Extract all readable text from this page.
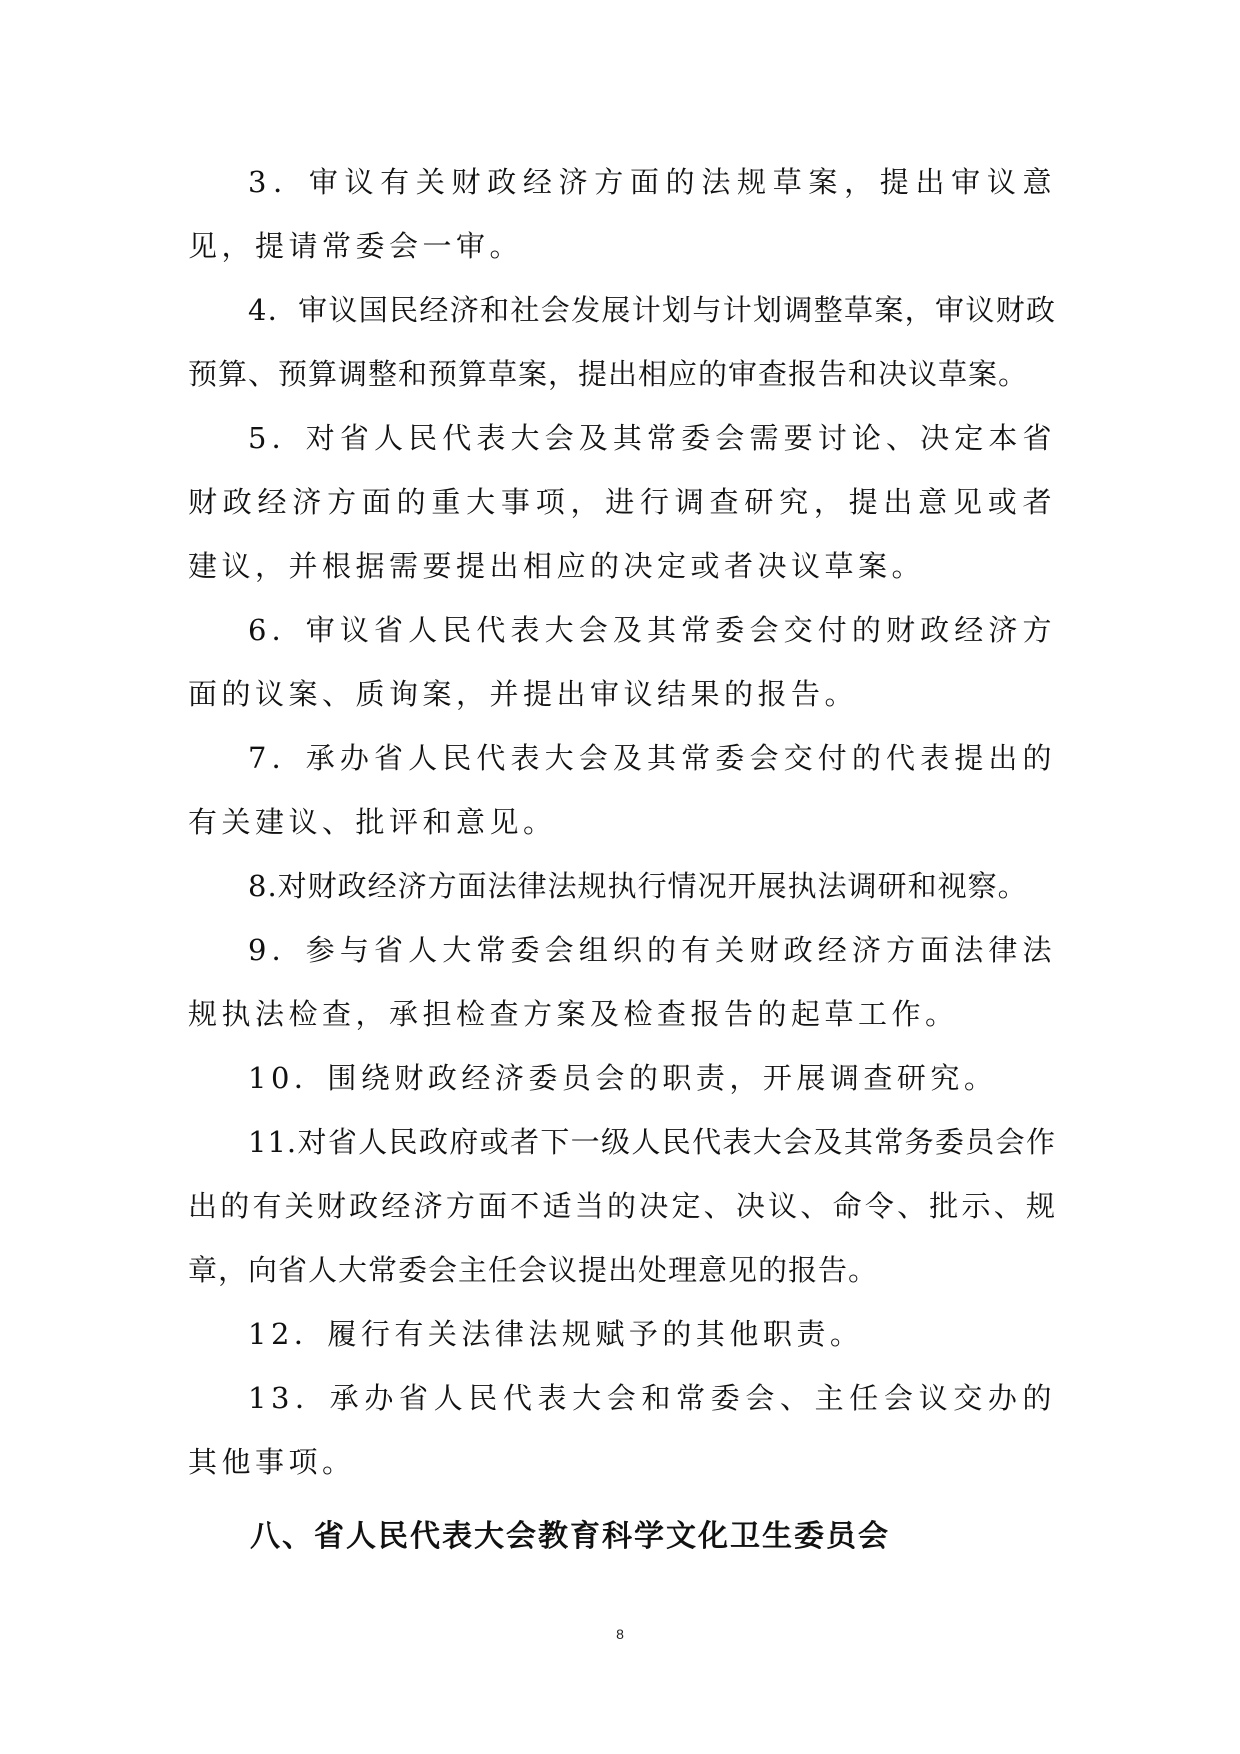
3．审议有关财政经济方面的法规草案，提出审议意见，提请常委会一审。

4．审议国民经济和社会发展计划与计划调整草案，审议财政预算、预算调整和预算草案，提出相应的审查报告和决议草案。

5．对省人民代表大会及其常委会需要讨论、决定本省财政经济方面的重大事项，进行调查研究，提出意见或者建议，并根据需要提出相应的决定或者决议草案。

6．审议省人民代表大会及其常委会交付的财政经济方面的议案、质询案，并提出审议结果的报告。

7．承办省人民代表大会及其常委会交付的代表提出的有关建议、批评和意见。

8.对财政经济方面法律法规执行情况开展执法调研和视察。

9．参与省人大常委会组织的有关财政经济方面法律法规执法检查，承担检查方案及检查报告的起草工作。

10．围绕财政经济委员会的职责，开展调查研究。

11.对省人民政府或者下一级人民代表大会及其常务委员会作出的有关财政经济方面不适当的决定、决议、命令、批示、规章，向省人大常委会主任会议提出处理意见的报告。

12．履行有关法律法规赋予的其他职责。

13．承办省人民代表大会和常委会、主任会议交办的其他事项。

八、省人民代表大会教育科学文化卫生委员会
8
